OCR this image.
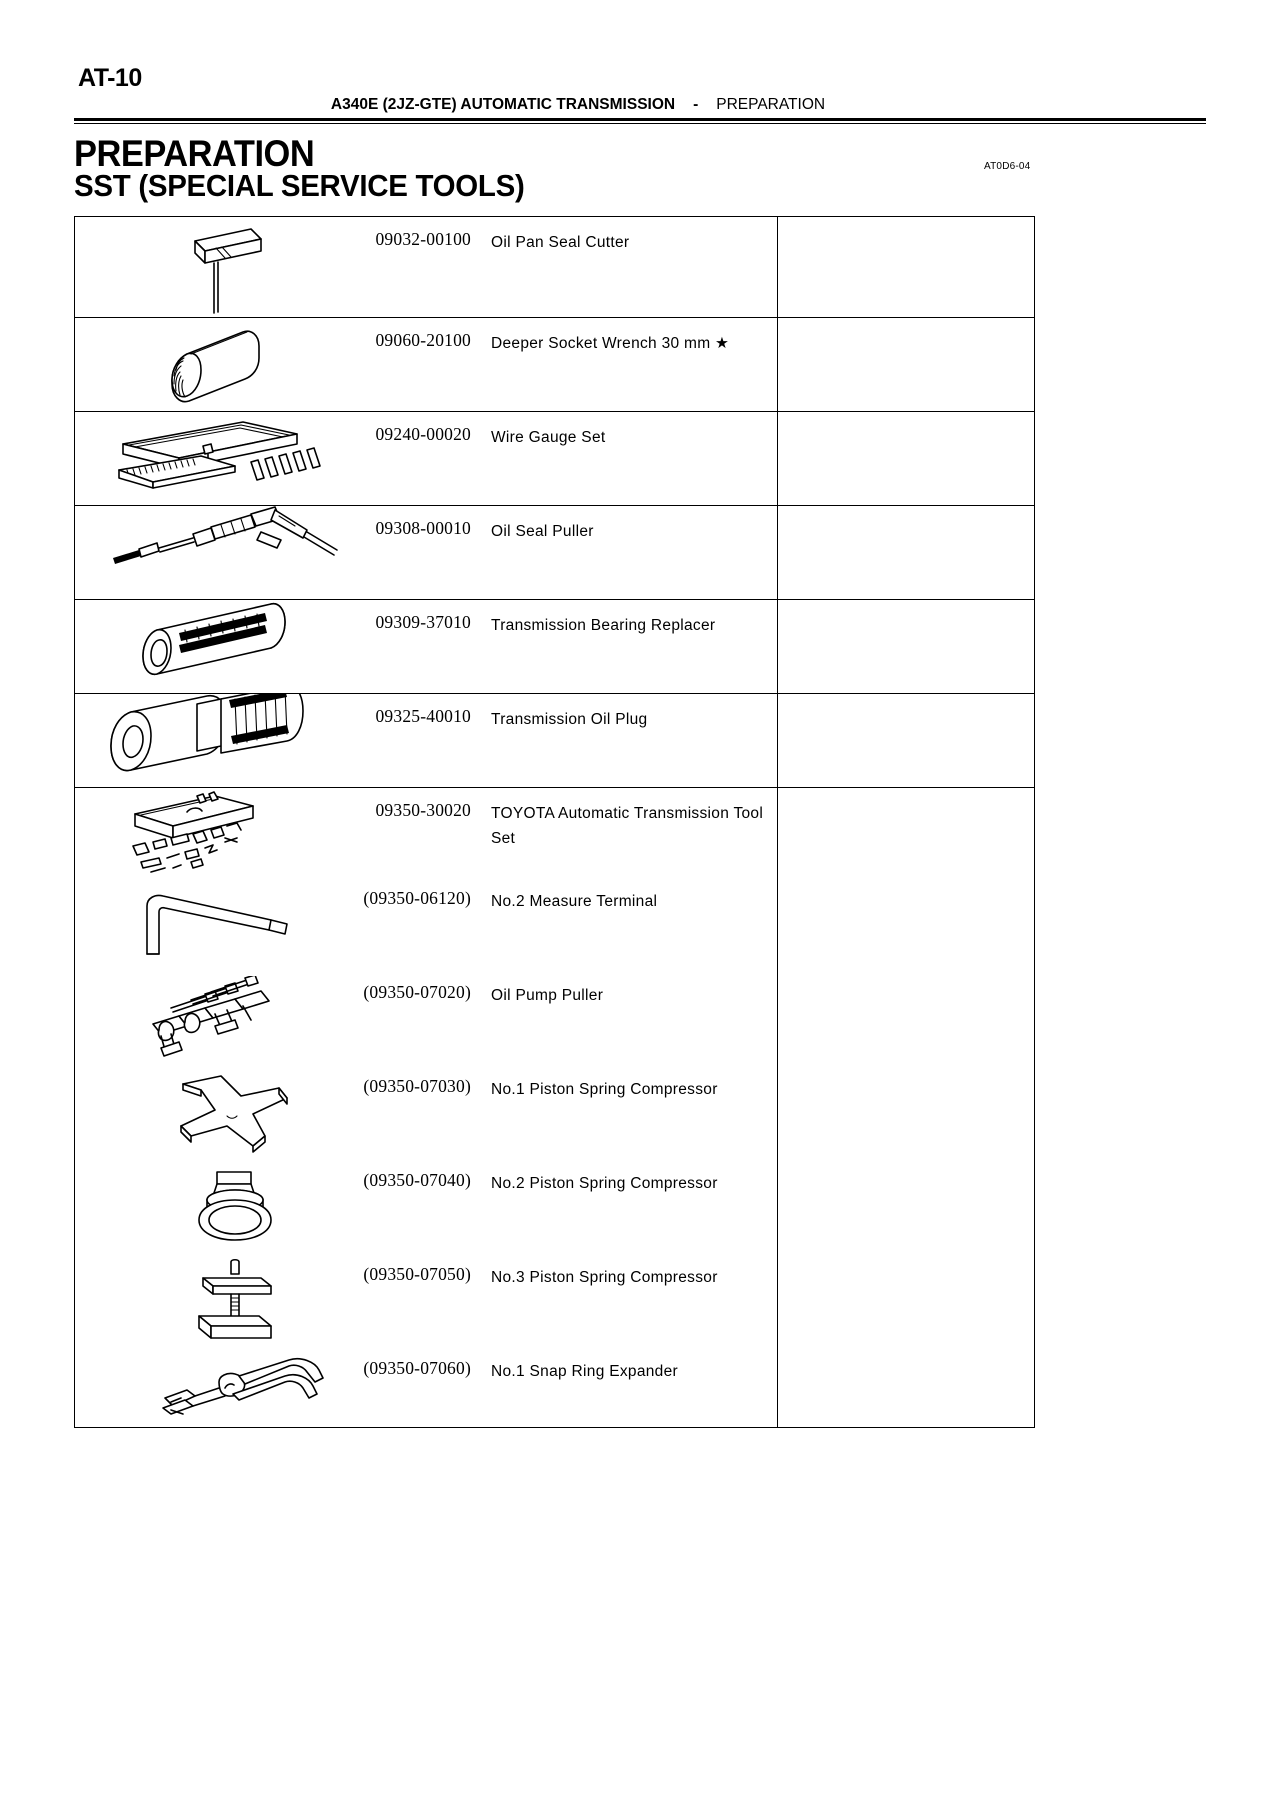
AT-10
A340E (2JZ-GTE) AUTOMATIC TRANSMISSION - PREPARATION
PREPARATION
SST (SPECIAL SERVICE TOOLS)
AT0D6-04
09032-00100 Oil Pan Seal Cutter
09060-20100 Deeper Socket Wrench 30 mm ★
09240-00020 Wire Gauge Set
09308-00010 Oil Seal Puller
09309-37010 Transmission Bearing Replacer
09325-40010 Transmission Oil Plug
09350-30020 TOYOTA Automatic Transmission Tool Set
(09350-06120) No.2 Measure Terminal
(09350-07020) Oil Pump Puller
(09350-07030) No.1 Piston Spring Compressor
(09350-07040) No.2 Piston Spring Compressor
(09350-07050) No.3 Piston Spring Compressor
(09350-07060) No.1 Snap Ring Expander
